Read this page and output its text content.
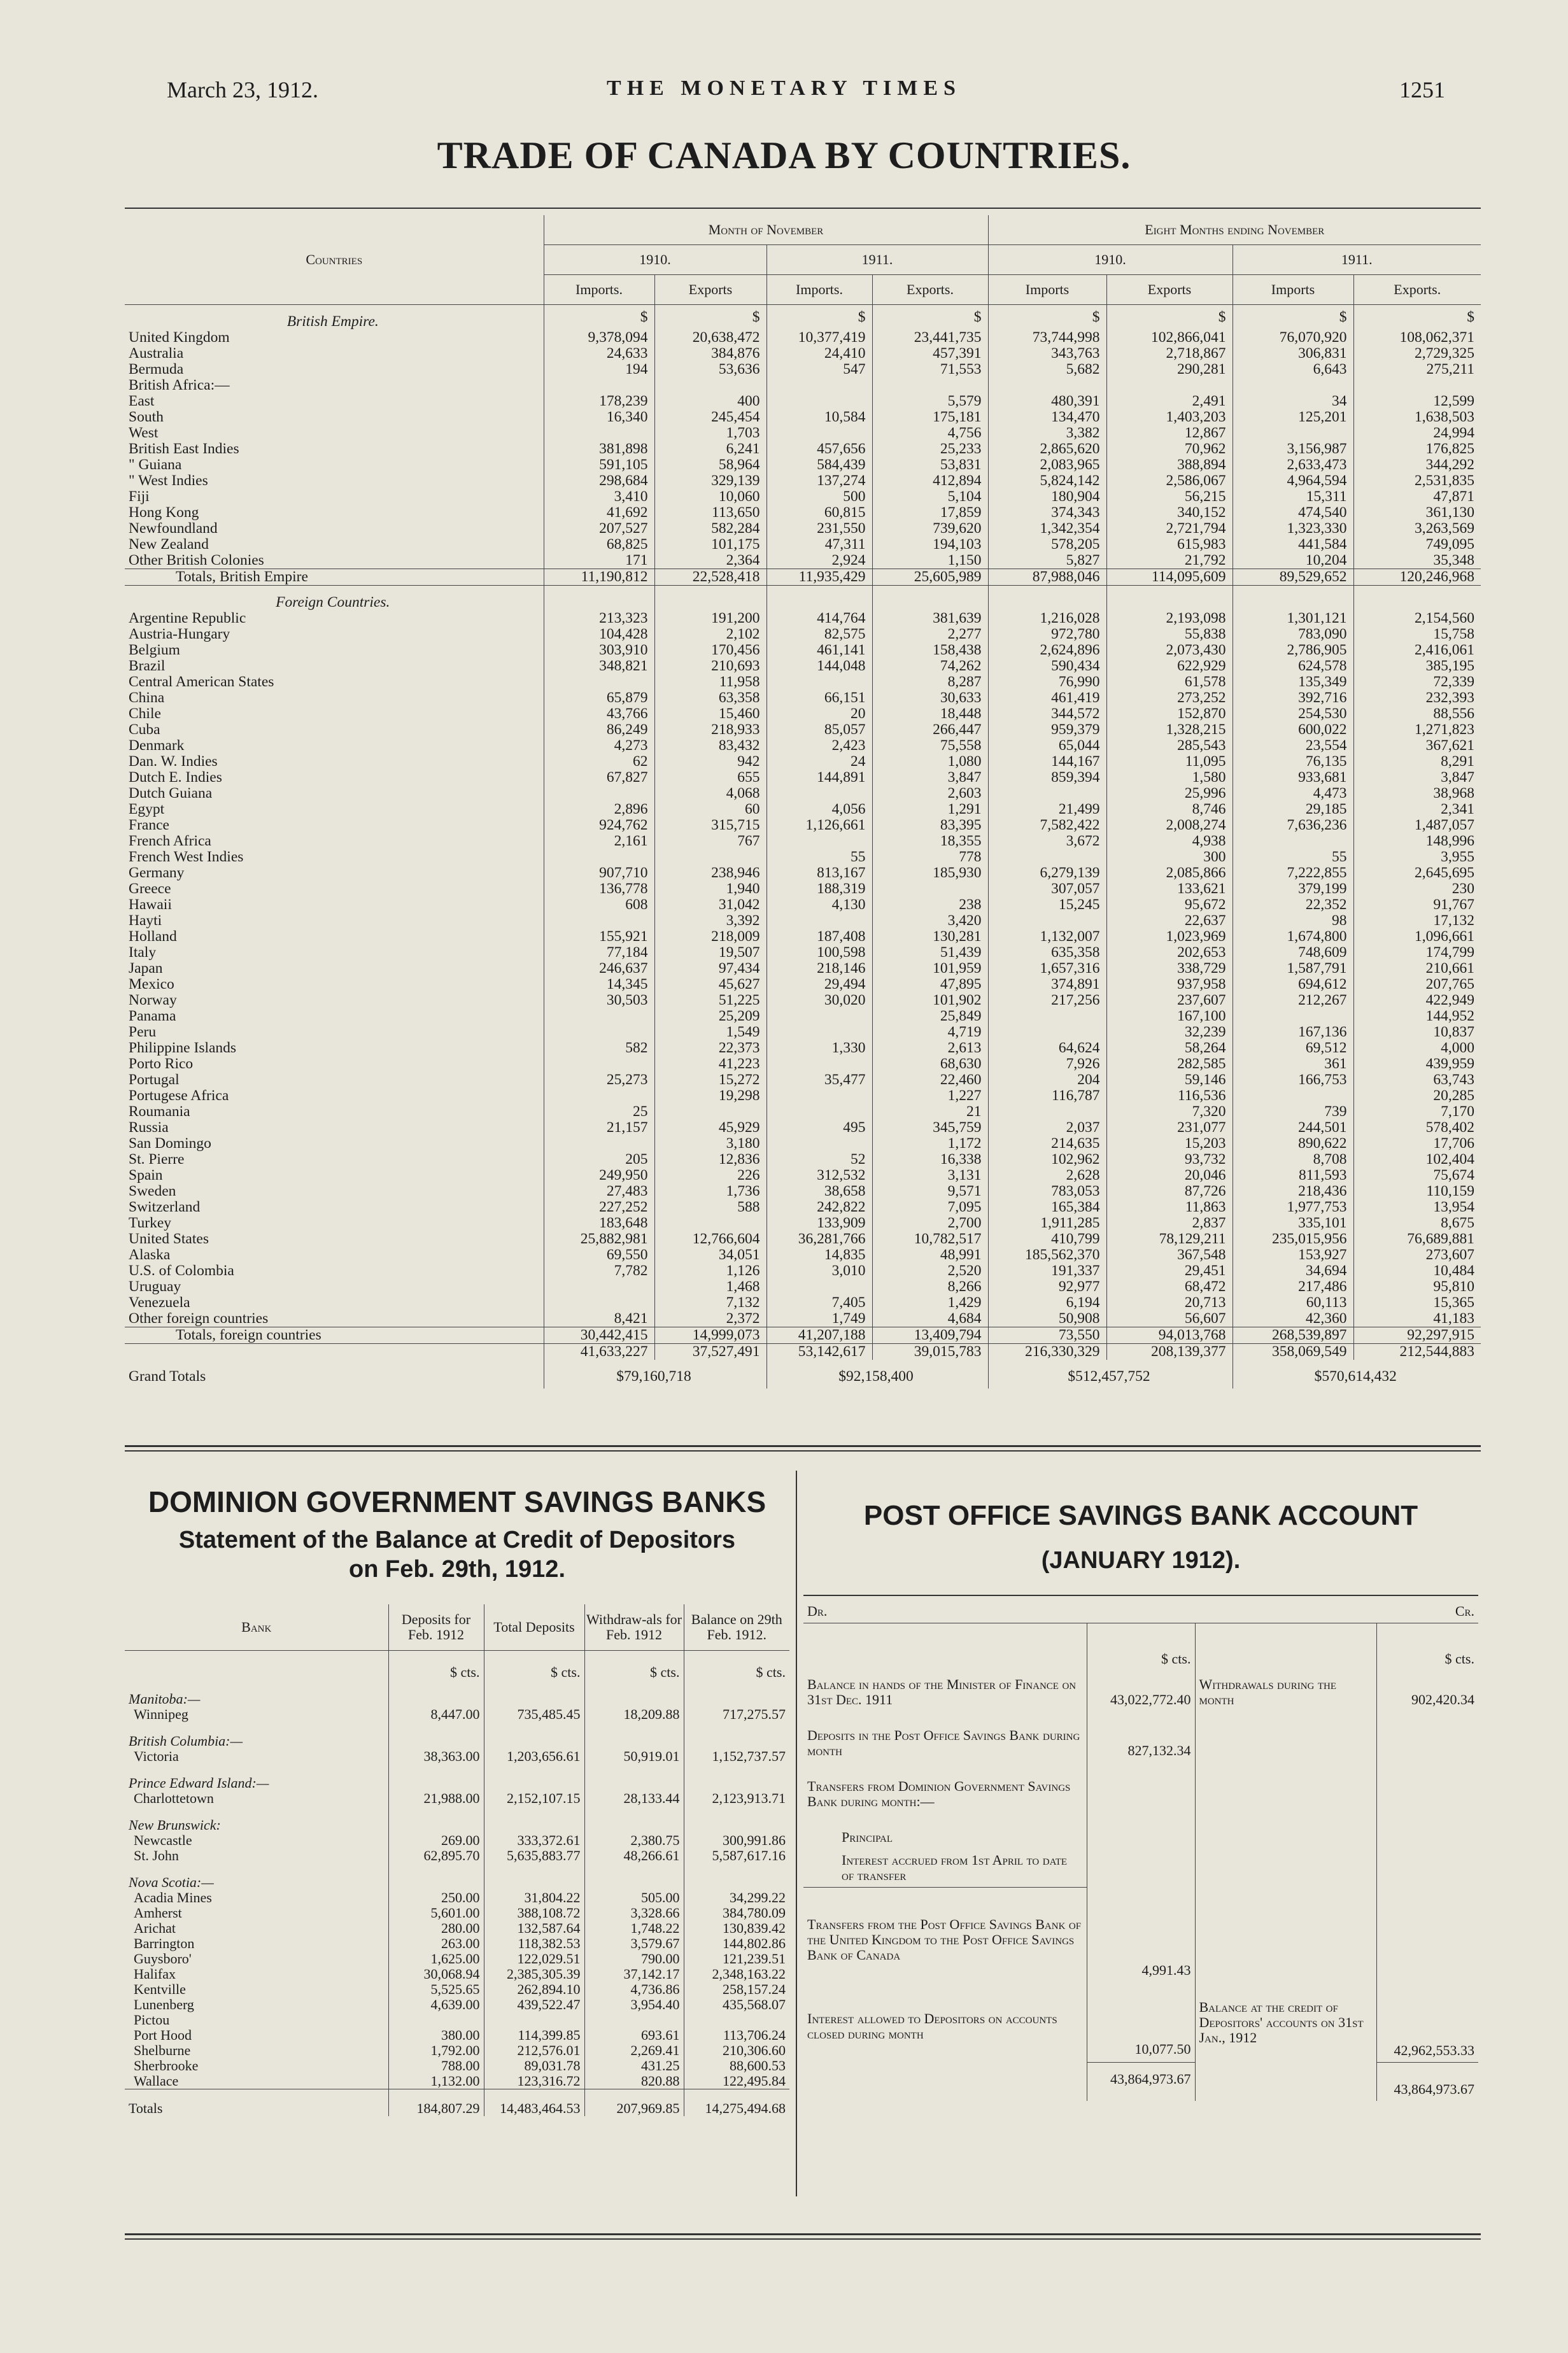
March 23, 1912.	THE MONETARY TIMES	1251
TRADE OF CANADA BY COUNTRIES.
Countries	Month of November				Eight Months ending November			
	1910.		1911.		1910.		1911.	
	Imports.	Exports	Imports.	Exports.	Imports	Exports	Imports	Exports.
British Empire.	$	$	$	$	$	$	$	$
United Kingdom	9,378,094	20,638,472	10,377,419	23,441,735	73,744,998	102,866,041	76,070,920	108,062,371
Australia	24,633	384,876	24,410	457,391	343,763	2,718,867	306,831	2,729,325
Bermuda	194	53,636	547	71,553	5,682	290,281	6,643	275,211
British Africa:—								
East	178,239	400		5,579	480,391	2,491	34	12,599
South	16,340	245,454	10,584	175,181	134,470	1,403,203	125,201	1,638,503
West		1,703		4,756	3,382	12,867		24,994
British East Indies	381,898	6,241	457,656	25,233	2,865,620	70,962	3,156,987	176,825
" Guiana	591,105	58,964	584,439	53,831	2,083,965	388,894	2,633,473	344,292
" West Indies	298,684	329,139	137,274	412,894	5,824,142	2,586,067	4,964,594	2,531,835
Fiji	3,410	10,060	500	5,104	180,904	56,215	15,311	47,871
Hong Kong	41,692	113,650	60,815	17,859	374,343	340,152	474,540	361,130
Newfoundland	207,527	582,284	231,550	739,620	1,342,354	2,721,794	1,323,330	3,263,569
New Zealand	68,825	101,175	47,311	194,103	578,205	615,983	441,584	749,095
Other British Colonies	171	2,364	2,924	1,150	5,827	21,792	10,204	35,348
Totals, British Empire	11,190,812	22,528,418	11,935,429	25,605,989	87,988,046	114,095,609	89,529,652	120,246,968
Foreign Countries.								
Argentine Republic	213,323	191,200	414,764	381,639	1,216,028	2,193,098	1,301,121	2,154,560
Austria-Hungary	104,428	2,102	82,575	2,277	972,780	55,838	783,090	15,758
Belgium	303,910	170,456	461,141	158,438	2,624,896	2,073,430	2,786,905	2,416,061
Brazil	348,821	210,693	144,048	74,262	590,434	622,929	624,578	385,195
Central American States		11,958		8,287	76,990	61,578	135,349	72,339
China	65,879	63,358	66,151	30,633	461,419	273,252	392,716	232,393
Chile	43,766	15,460	20	18,448	344,572	152,870	254,530	88,556
Cuba	86,249	218,933	85,057	266,447	959,379	1,328,215	600,022	1,271,823
Denmark	4,273	83,432	2,423	75,558	65,044	285,543	23,554	367,621
Dan. W. Indies	62	942	24	1,080	144,167	11,095	76,135	8,291
Dutch E. Indies	67,827	655	144,891	3,847	859,394	1,580	933,681	3,847
Dutch Guiana		4,068		2,603		25,996	4,473	38,968
Egypt	2,896	60	4,056	1,291	21,499	8,746	29,185	2,341
France	924,762	315,715	1,126,661	83,395	7,582,422	2,008,274	7,636,236	1,487,057
French Africa	2,161	767		18,355	3,672	4,938		148,996
French West Indies			55	778		300	55	3,955
Germany	907,710	238,946	813,167	185,930	6,279,139	2,085,866	7,222,855	2,645,695
Greece	136,778	1,940	188,319		307,057	133,621	379,199	230
Hawaii	608	31,042	4,130	238	15,245	95,672	22,352	91,767
Hayti		3,392		3,420		22,637	98	17,132
Holland	155,921	218,009	187,408	130,281	1,132,007	1,023,969	1,674,800	1,096,661
Italy	77,184	19,507	100,598	51,439	635,358	202,653	748,609	174,799
Japan	246,637	97,434	218,146	101,959	1,657,316	338,729	1,587,791	210,661
Mexico	14,345	45,627	29,494	47,895	374,891	937,958	694,612	207,765
Norway	30,503	51,225	30,020	101,902	217,256	237,607	212,267	422,949
Panama		25,209		25,849		167,100		144,952
Peru		1,549		4,719		32,239	167,136	10,837
Philippine Islands	582	22,373	1,330	2,613	64,624	58,264	69,512	4,000
Porto Rico		41,223		68,630	7,926	282,585	361	439,959
Portugal	25,273	15,272	35,477	22,460	204	59,146	166,753	63,743
Portugese Africa		19,298		1,227	116,787	116,536		20,285
Roumania	25			21		7,320	739	7,170
Russia	21,157	45,929	495	345,759	2,037	231,077	244,501	578,402
San Domingo		3,180		1,172	214,635	15,203	890,622	17,706
St. Pierre	205	12,836	52	16,338	102,962	93,732	8,708	102,404
Spain	249,950	226	312,532	3,131	2,628	20,046	811,593	75,674
Sweden	27,483	1,736	38,658	9,571	783,053	87,726	218,436	110,159
Switzerland	227,252	588	242,822	7,095	165,384	11,863	1,977,753	13,954
Turkey	183,648		133,909	2,700	1,911,285	2,837	335,101	8,675
United States	25,882,981	12,766,604	36,281,766	10,782,517	410,799	78,129,211	235,015,956	76,689,881
Alaska	69,550	34,051	14,835	48,991	185,562,370	367,548	153,927	273,607
U.S. of Colombia	7,782	1,126	3,010	2,520	191,337	29,451	34,694	10,484
Uruguay		1,468		8,266	92,977	68,472	217,486	95,810
Venezuela		7,132	7,405	1,429	6,194	20,713	60,113	15,365
Other foreign countries	8,421	2,372	1,749	4,684	50,908	56,607	42,360	41,183
Totals, foreign countries	30,442,415	14,999,073	41,207,188	13,409,794	73,550	94,013,768	268,539,897	92,297,915
	41,633,227	37,527,491	53,142,617	39,015,783	216,330,329	208,139,377	358,069,549	212,544,883
Grand Totals	$79,160,718		$92,158,400		$512,457,752		$570,614,432	
DOMINION GOVERNMENT SAVINGS BANKS
Statement of the Balance at Credit of Depositors on Feb. 29th, 1912.
Bank	Deposits for Feb. 1912	Total Deposits	Withdraw-als for Feb. 1912	Balance on 29th Feb. 1912.
	$ cts.	$ cts.	$ cts.	$ cts.
Manitoba:—				
Winnipeg	8,447.00	735,485.45	18,209.88	717,275.57
British Columbia:—				
Victoria	38,363.00	1,203,656.61	50,919.01	1,152,737.57
Prince Edward Island:—				
Charlottetown	21,988.00	2,152,107.15	28,133.44	2,123,913.71
New Brunswick:				
Newcastle	269.00	333,372.61	2,380.75	300,991.86
St. John	62,895.70	5,635,883.77	48,266.61	5,587,617.16
Nova Scotia:—				
Acadia Mines	250.00	31,804.22	505.00	34,299.22
Amherst	5,601.00	388,108.72	3,328.66	384,780.09
Arichat	280.00	132,587.64	1,748.22	130,839.42
Barrington	263.00	118,382.53	3,579.67	144,802.86
Guysboro'	1,625.00	122,029.51	790.00	121,239.51
Halifax	30,068.94	2,385,305.39	37,142.17	2,348,163.22
Kentville	5,525.65	262,894.10	4,736.86	258,157.24
Lunenberg	4,639.00	439,522.47	3,954.40	435,568.07
Pictou				
Port Hood	380.00	114,399.85	693.61	113,706.24
Shelburne	1,792.00	212,576.01	2,269.41	210,306.60
Sherbrooke	788.00	89,031.78	431.25	88,600.53
Wallace	1,132.00	123,316.72	820.88	122,495.84
Totals	184,807.29	14,483,464.53	207,969.85	14,275,494.68
POST OFFICE SAVINGS BANK ACCOUNT
(JANUARY 1912).
Dr.			Cr.
	$ cts.		$ cts.
Balance in hands of the Minister of Finance on 31st Dec. 1911	43,022,772.40	Withdrawals during the month	902,420.34
Deposits in the Post Office Savings Bank during month	827,132.34		
Transfers from Dominion Government Savings Bank during month:—			
Principal			
Interest accrued from 1st April to date of transfer			
Transfers from the Post Office Savings Bank of the United Kingdom to the Post Office Savings Bank of Canada	4,991.43		
Interest allowed to Depositors on accounts closed during month	10,077.50	Balance at the credit of Depositors' accounts on 31st Jan., 1912	42,962,553.33
	43,864,973.67		43,864,973.67
